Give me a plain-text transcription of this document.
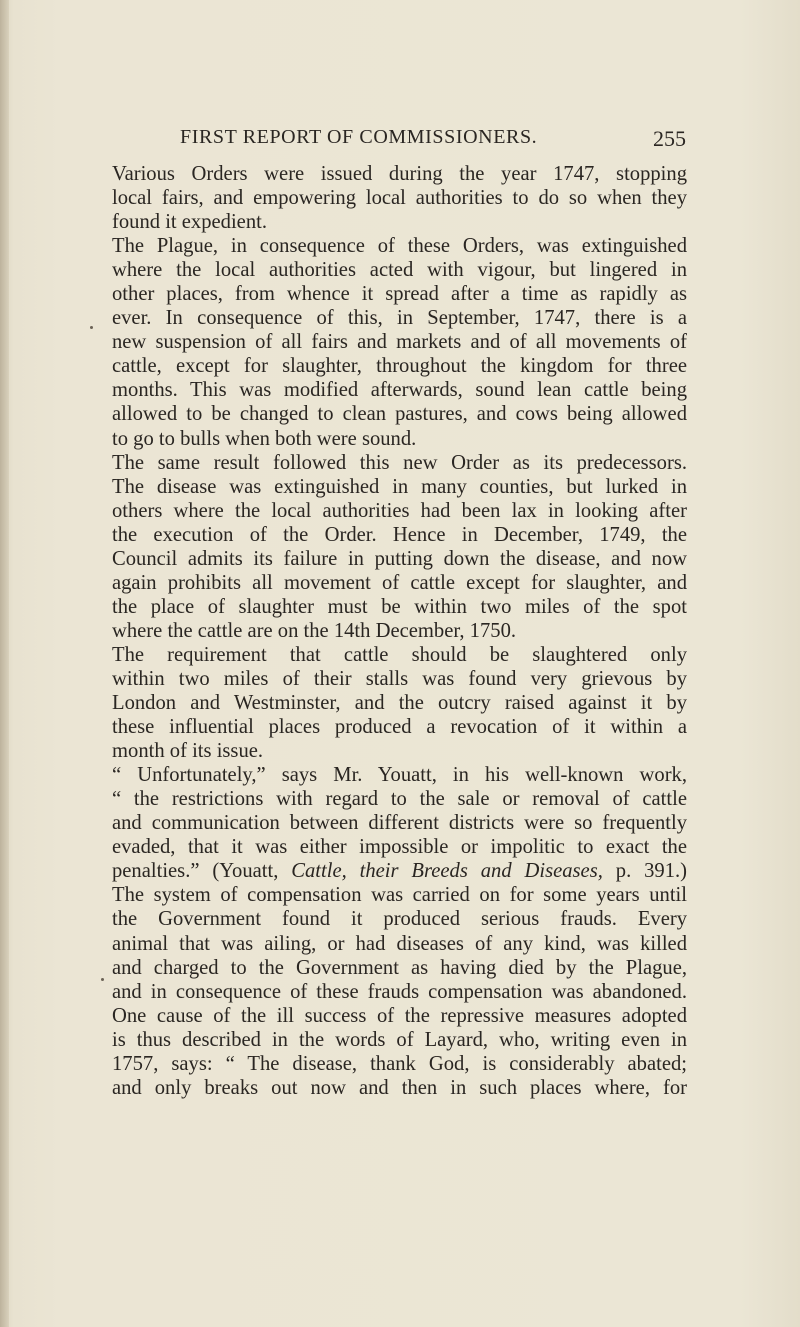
FIRST REPORT OF COMMISSIONERS.	255
Various Orders were issued during the year 1747, stopping
local fairs, and empowering local authorities to do so when they
found it expedient.
The Plague, in consequence of these Orders, was extinguished
where the local authorities acted with vigour, but lingered in
other places, from whence it spread after a time as rapidly as
ever. In consequence of this, in September, 1747, there is a
new suspension of all fairs and markets and of all movements of
cattle, except for slaughter, throughout the kingdom for three
months. This was modified afterwards, sound lean cattle being
allowed to be changed to clean pastures, and cows being allowed
to go to bulls when both were sound.
The same result followed this new Order as its predecessors.
The disease was extinguished in many counties, but lurked in
others where the local authorities had been lax in looking after
the execution of the Order. Hence in December, 1749, the
Council admits its failure in putting down the disease, and now
again prohibits all movement of cattle except for slaughter, and
the place of slaughter must be within two miles of the spot
where the cattle are on the 14th December, 1750.
The requirement that cattle should be slaughtered only
within two miles of their stalls was found very grievous by
London and Westminster, and the outcry raised against it by
these influential places produced a revocation of it within a
month of its issue.
“ Unfortunately,” says Mr. Youatt, in his well-known work,
“ the restrictions with regard to the sale or removal of cattle
and communication between different districts were so frequently
evaded, that it was either impossible or impolitic to exact the
penalties.” (Youatt, Cattle, their Breeds and Diseases, p. 391.)
The system of compensation was carried on for some years until
the Government found it produced serious frauds. Every
animal that was ailing, or had diseases of any kind, was killed
and charged to the Government as having died by the Plague,
and in consequence of these frauds compensation was abandoned.
One cause of the ill success of the repressive measures adopted
is thus described in the words of Layard, who, writing even in
1757, says: “ The disease, thank God, is considerably abated;
and only breaks out now and then in such places where, for
